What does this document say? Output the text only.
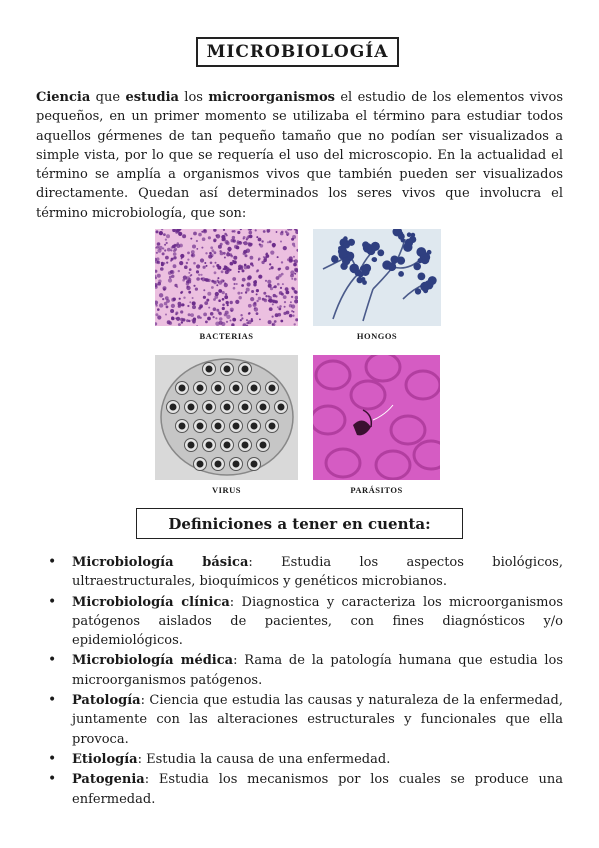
MICROBIOLOGÍA

Ciencia que estudia los microorganismos el estudio de los elementos vivos pequeños, en un primer momento se utilizaba el término para estudiar todos aquellos gérmenes de tan pequeño tamaño que no podían ser visualizados a simple vista, por lo que se requería el uso del microscopio. En la actualidad el término se amplía a organismos vivos que también pueden ser visualizados directamente. Quedan así determinados los seres vivos que involucra el término microbiología, que son:

BACTERIAS	HONGOS
VIRUS	PARÁSITOS
Definiciones a tener en cuenta:
• Microbiología básica: Estudia los aspectos biológicos, ultraestructurales, bioquímicos y genéticos microbianos.
• Microbiología clínica: Diagnostica y caracteriza los microorganismos patógenos aislados de pacientes, con fines diagnósticos y/o epidemiológicos.
• Microbiología médica: Rama de la patología humana que estudia los microorganismos patógenos.
• Patología: Ciencia que estudia las causas y naturaleza de la enfermedad, juntamente con las alteraciones estructurales y funcionales que ella provoca.
• Etiología: Estudia la causa de una enfermedad.
• Patogenia: Estudia los mecanismos por los cuales se produce una enfermedad.
